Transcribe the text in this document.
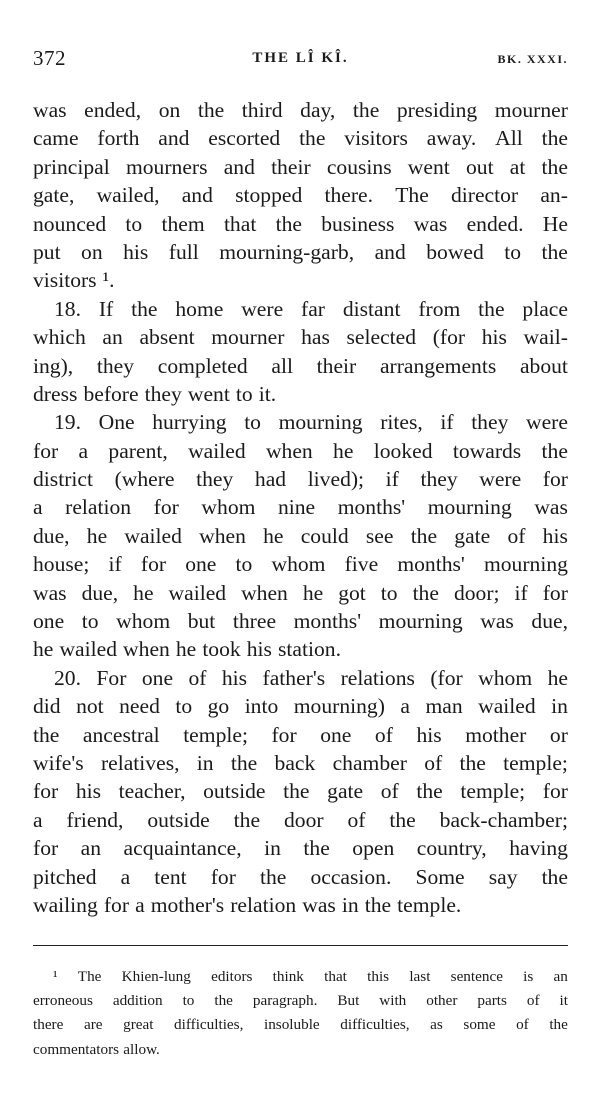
372	THE LÎ KÎ.	BK. XXXI.
was ended, on the third day, the presiding mourner
came forth and escorted the visitors away. All the
principal mourners and their cousins went out at the
gate, wailed, and stopped there. The director an-
nounced to them that the business was ended. He
put on his full mourning-garb, and bowed to the
visitors ¹.
18. If the home were far distant from the place
which an absent mourner has selected (for his wail-
ing), they completed all their arrangements about
dress before they went to it.
19. One hurrying to mourning rites, if they were
for a parent, wailed when he looked towards the
district (where they had lived); if they were for
a relation for whom nine months' mourning was
due, he wailed when he could see the gate of his
house; if for one to whom five months' mourning
was due, he wailed when he got to the door; if for
one to whom but three months' mourning was due,
he wailed when he took his station.
20. For one of his father's relations (for whom he
did not need to go into mourning) a man wailed in
the ancestral temple; for one of his mother or
wife's relatives, in the back chamber of the temple;
for his teacher, outside the gate of the temple; for
a friend, outside the door of the back-chamber;
for an acquaintance, in the open country, having
pitched a tent for the occasion. Some say the
wailing for a mother's relation was in the temple.
¹ The Khien-lung editors think that this last sentence is an
erroneous addition to the paragraph. But with other parts of it
there are great difficulties, insoluble difficulties, as some of the
commentators allow.
